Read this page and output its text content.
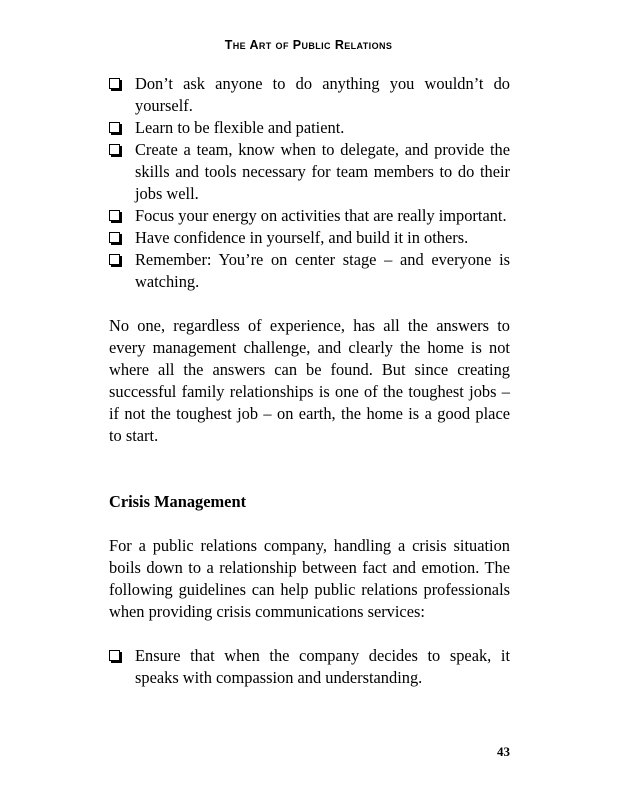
The Art of Public Relations
Don’t ask anyone to do anything you wouldn’t do yourself.
Learn to be flexible and patient.
Create a team, know when to delegate, and provide the skills and tools necessary for team members to do their jobs well.
Focus your energy on activities that are really important.
Have confidence in yourself, and build it in others.
Remember: You’re on center stage – and everyone is watching.

No one, regardless of experience, has all the answers to every management challenge, and clearly the home is not where all the answers can be found. But since creating successful family relationships is one of the toughest jobs – if not the toughest job – on earth, the home is a good place to start.

Crisis Management

For a public relations company, handling a crisis situation boils down to a relationship between fact and emotion. The following guidelines can help public relations professionals when providing crisis communications services:

Ensure that when the company decides to speak, it speaks with compassion and understanding.
43
